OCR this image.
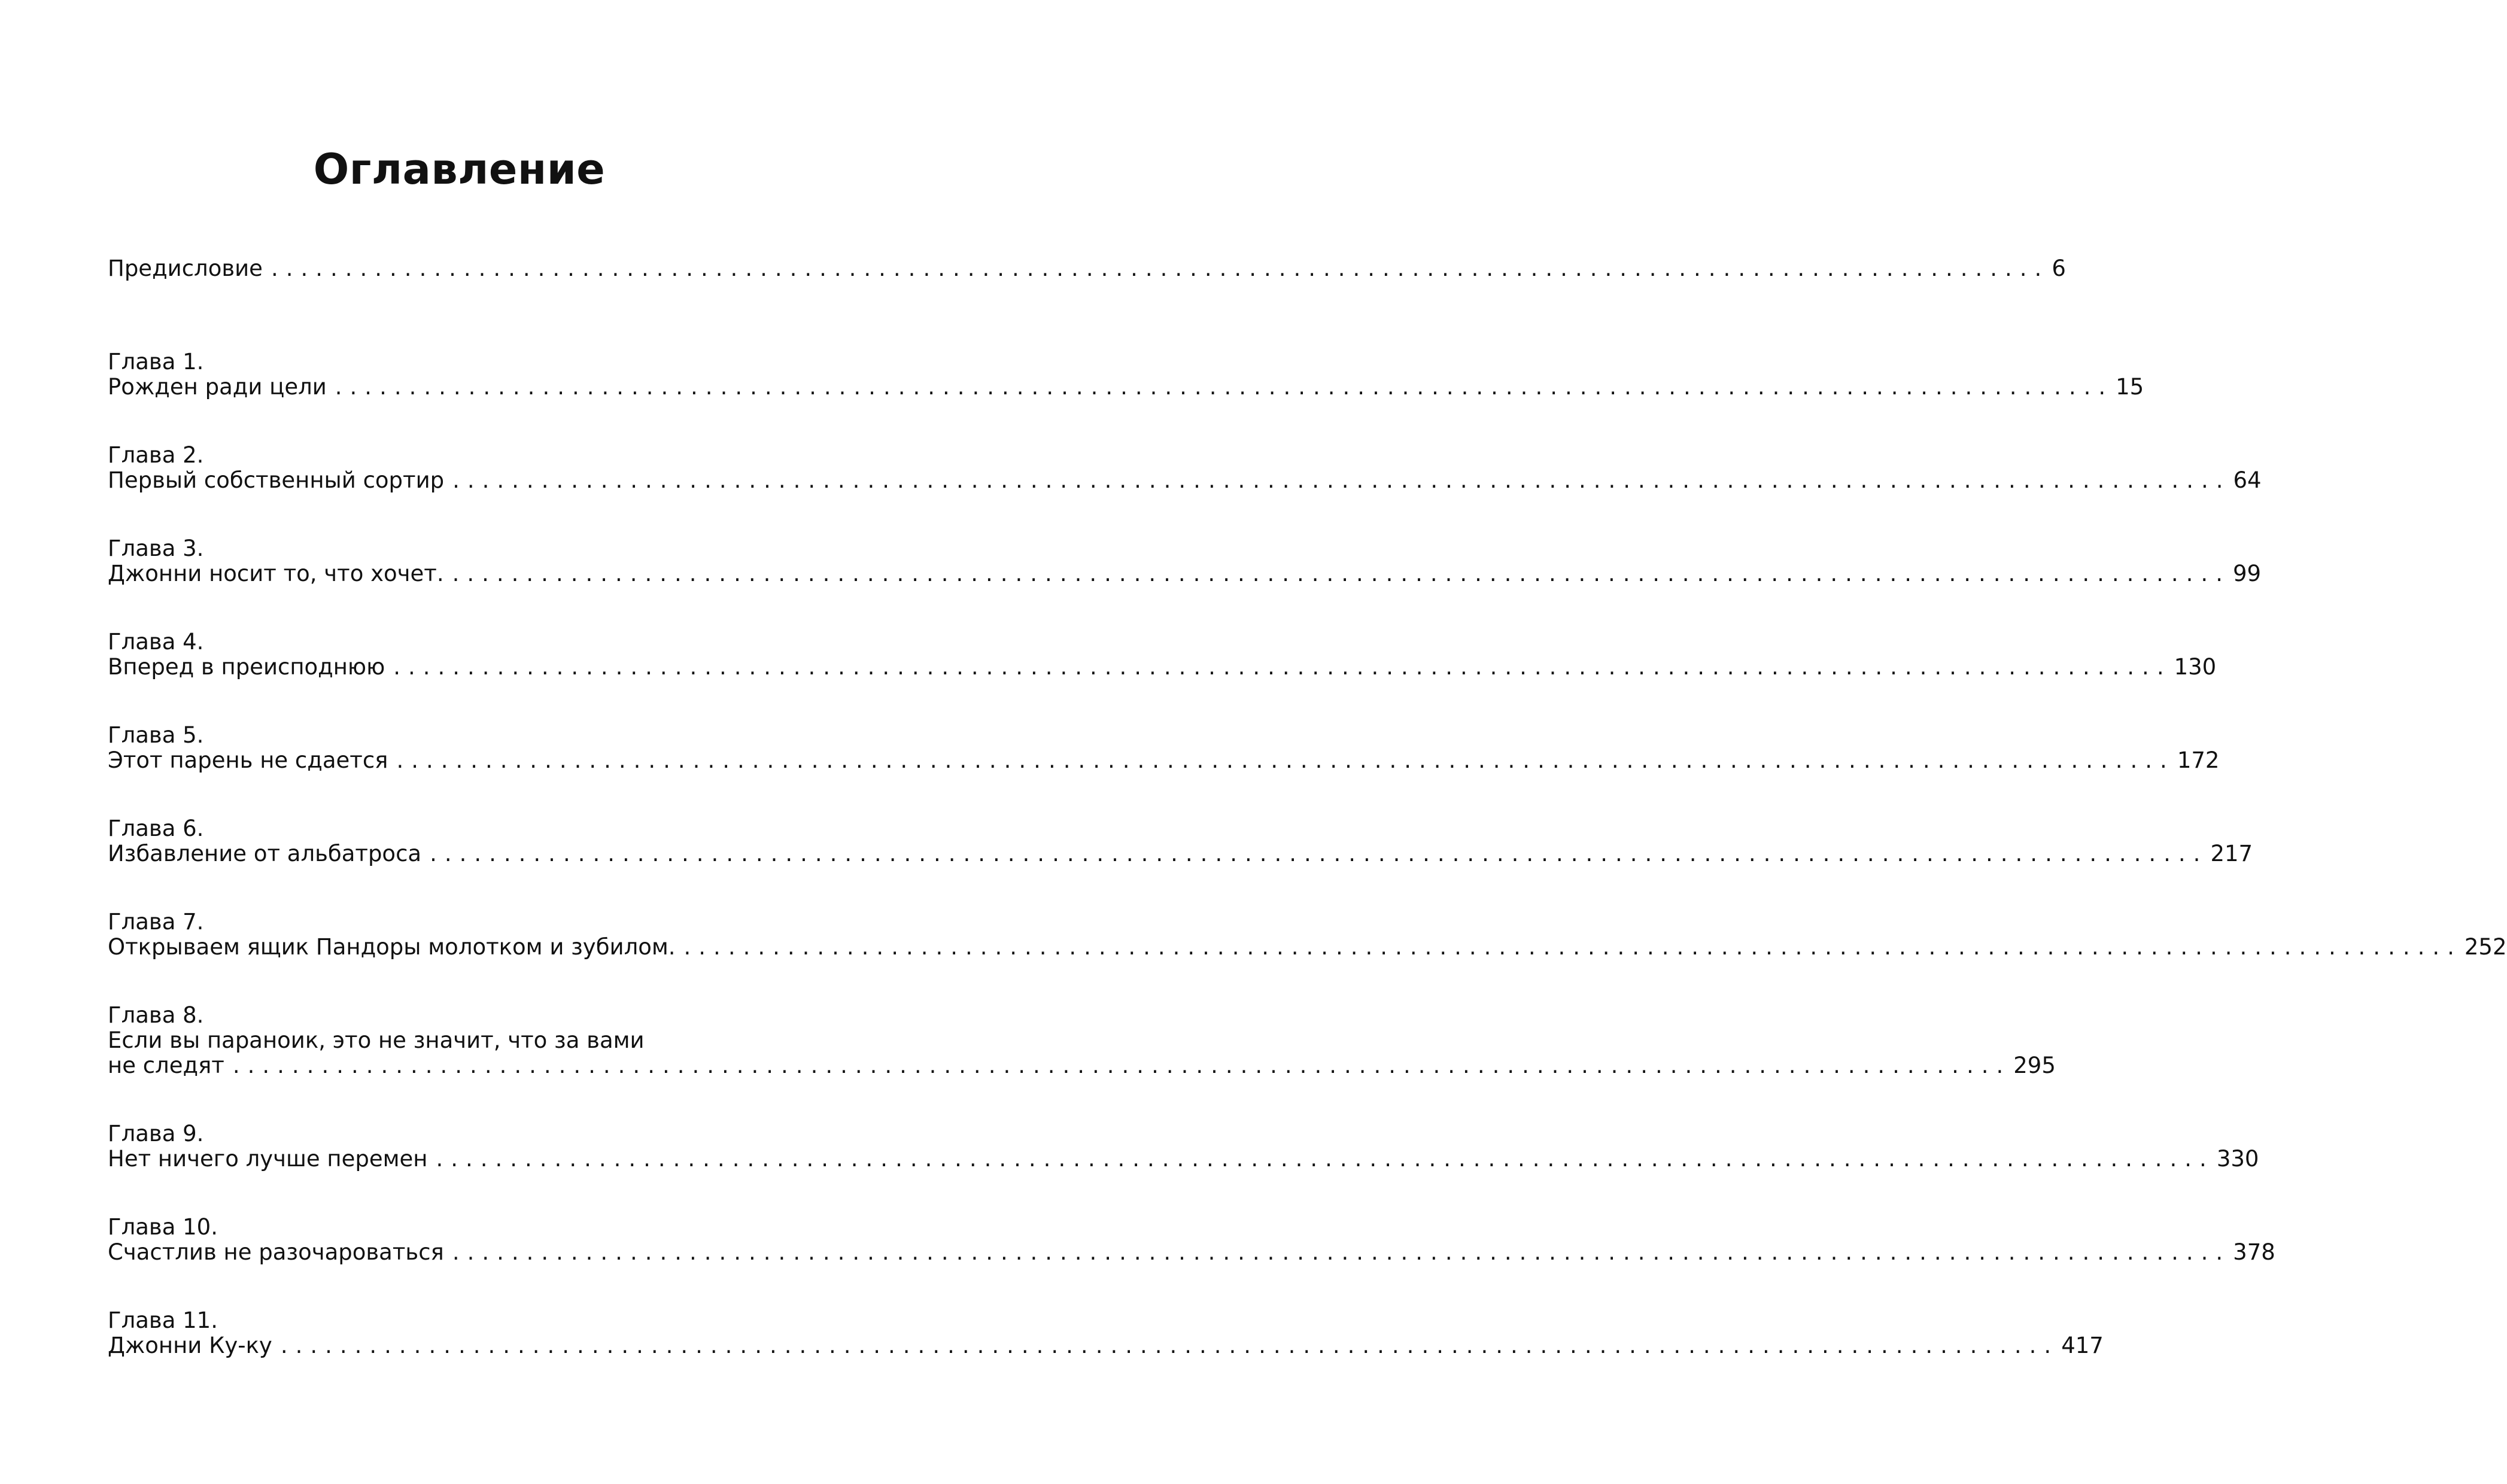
Оглавление
Предисловие ........................................................................................................................ 6
Глава 1.
Рожден ради цели ........................................................................................................................ 15
Глава 2.
Первый собственный сортир ........................................................................................................................ 64
Глава 3.
Джонни носит то, что хочет. ........................................................................................................................ 99
Глава 4.
Вперед в преисподнюю ........................................................................................................................ 130
Глава 5.
Этот парень не сдается ........................................................................................................................ 172
Глава 6.
Избавление от альбатроса ........................................................................................................................ 217
Глава 7.
Открываем ящик Пандоры молотком и зубилом. ........................................................................................................................ 252
Глава 8.
Если вы параноик, это не значит, что за вами
не следят ........................................................................................................................ 295
Глава 9.
Нет ничего лучше перемен ........................................................................................................................ 330
Глава 10.
Счастлив не разочароваться ........................................................................................................................ 378
Глава 11.
Джонни Ку-ку ........................................................................................................................ 417
